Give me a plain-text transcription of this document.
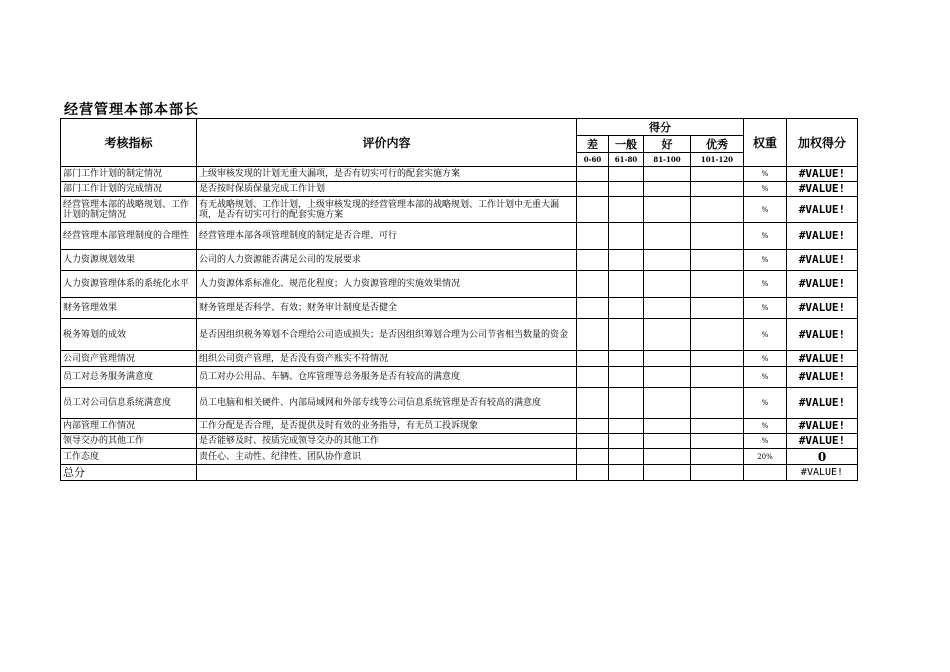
经营管理本部本部长
考核指标	评价内容	得分				权重	加权得分
		差	一般	好	优秀		
		0-60	61-80	81-100	101-120		
部门工作计划的制定情况	上级审核发现的计划无重大漏项，是否有切实可行的配套实施方案					%	#VALUE!
部门工作计划的完成情况	是否按时保质保量完成工作计划					%	#VALUE!
经营管理本部的战略规划、工作计划的制定情况	有无战略规划、工作计划，上级审核发现的经营管理本部的战略规划、工作计划中无重大漏项，是否有切实可行的配套实施方案					%	#VALUE!
经营管理本部管理制度的合理性	经营管理本部各项管理制度的制定是否合理、可行					%	#VALUE!
人力资源规划效果	公司的人力资源能否满足公司的发展要求					%	#VALUE!
人力资源管理体系的系统化水平	人力资源体系标准化、规范化程度；人力资源管理的实施效果情况					%	#VALUE!
财务管理效果	财务管理是否科学、有效；财务审计制度是否健全					%	#VALUE!
税务筹划的成效	是否因组织税务筹划不合理给公司造成损失；是否因组织筹划合理为公司节省相当数量的资金					%	#VALUE!
公司资产管理情况	组织公司资产管理，是否没有资产账实不符情况					%	#VALUE!
员工对总务服务满意度	员工对办公用品、车辆、仓库管理等总务服务是否有较高的满意度					%	#VALUE!
员工对公司信息系统满意度	员工电脑和相关硬件、内部局域网和外部专线等公司信息系统管理是否有较高的满意度					%	#VALUE!
内部管理工作情况	工作分配是否合理，是否提供及时有效的业务指导，有无员工投诉现象					%	#VALUE!
领导交办的其他工作	是否能够及时、按质完成领导交办的其他工作					%	#VALUE!
工作态度	责任心、主动性、纪律性、团队协作意识					20%	0
总分							#VALUE!
